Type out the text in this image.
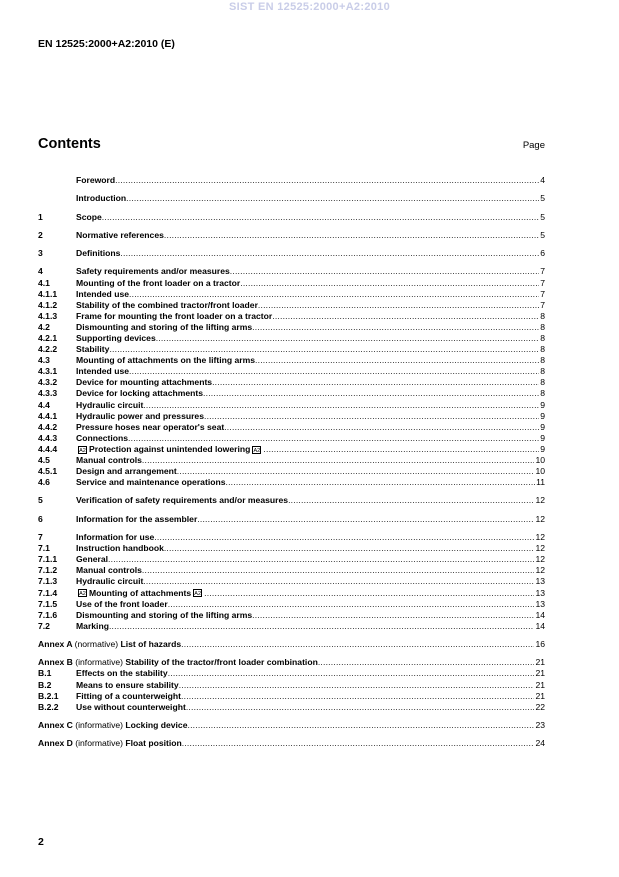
SIST EN 12525:2000+A2:2010
EN 12525:2000+A2:2010 (E)
Contents	Page
Foreword .....	4
Introduction .....	5
1	Scope .....	5
2	Normative references .....	5
3	Definitions .....	6
4	Safety requirements and/or measures .....	7
4.1	Mounting of the front loader on a tractor .....	7
4.1.1	Intended use .....	7
4.1.2	Stability of the combined tractor/front loader .....	7
4.1.3	Frame for mounting the front loader on a tractor .....	8
4.2	Dismounting and storing of the lifting arms .....	8
4.2.1	Supporting devices .....	8
4.2.2	Stability .....	8
4.3	Mounting of attachments on the lifting arms .....	8
4.3.1	Intended use .....	8
4.3.2	Device for mounting attachments .....	8
4.3.3	Device for locking attachments .....	8
4.4	Hydraulic circuit .....	9
4.4.1	Hydraulic power and pressures .....	9
4.4.2	Pressure hoses near operator's seat .....	9
4.4.3	Connections .....	9
4.4.4	A2 Protection against unintended lowering A2 .....	9
4.5	Manual controls .....	10
4.5.1	Design and arrangement .....	10
4.6	Service and maintenance operations .....	11
5	Verification of safety requirements and/or measures .....	12
6	Information for the assembler .....	12
7	Information for use .....	12
7.1	Instruction handbook .....	12
7.1.1	General .....	12
7.1.2	Manual controls .....	12
7.1.3	Hydraulic circuit .....	13
7.1.4	A2 Mounting of attachments A2 .....	13
7.1.5	Use of the front loader .....	13
7.1.6	Dismounting and storing of the lifting arms .....	14
7.2	Marking .....	14
Annex A (normative) List of hazards .....	16
Annex B (informative) Stability of the tractor/front loader combination .....	21
B.1	Effects on the stability .....	21
B.2	Means to ensure stability .....	21
B.2.1	Fitting of a counterweight .....	21
B.2.2	Use without counterweight .....	22
Annex C (informative) Locking device .....	23
Annex D (informative) Float position .....	24
2
